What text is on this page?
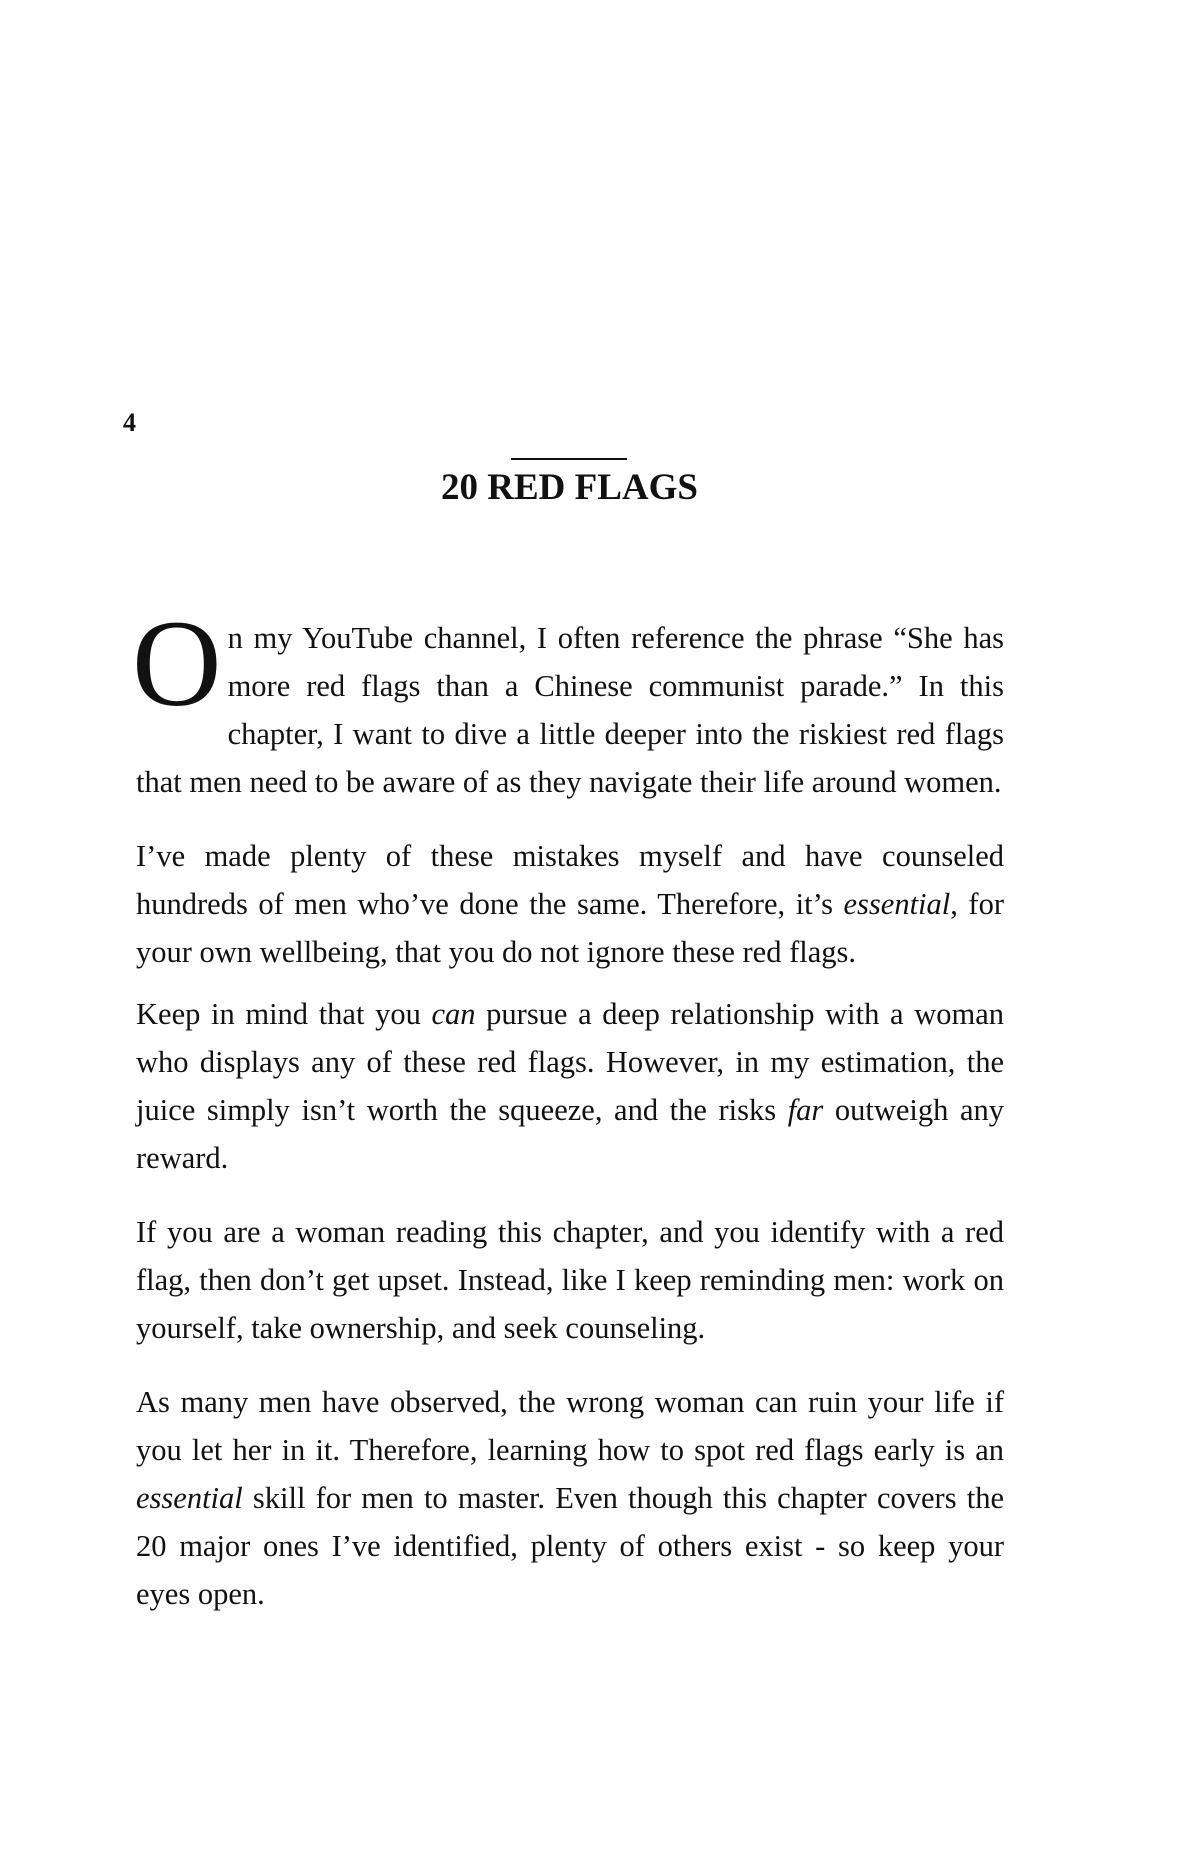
4

20 RED FLAGS

On my YouTube channel, I often reference the phrase “She has more red flags than a Chinese communist parade.” In this chapter, I want to dive a little deeper into the riskiest red flags that men need to be aware of as they navigate their life around women.

I’ve made plenty of these mistakes myself and have counseled hundreds of men who’ve done the same. Therefore, it’s essential, for your own wellbeing, that you do not ignore these red flags.

Keep in mind that you can pursue a deep relationship with a woman who displays any of these red flags. However, in my estimation, the juice simply isn’t worth the squeeze, and the risks far outweigh any reward.

If you are a woman reading this chapter, and you identify with a red flag, then don’t get upset. Instead, like I keep reminding men: work on yourself, take ownership, and seek counseling.

As many men have observed, the wrong woman can ruin your life if you let her in it. Therefore, learning how to spot red flags early is an essential skill for men to master. Even though this chapter covers the 20 major ones I’ve identified, plenty of others exist - so keep your eyes open.
